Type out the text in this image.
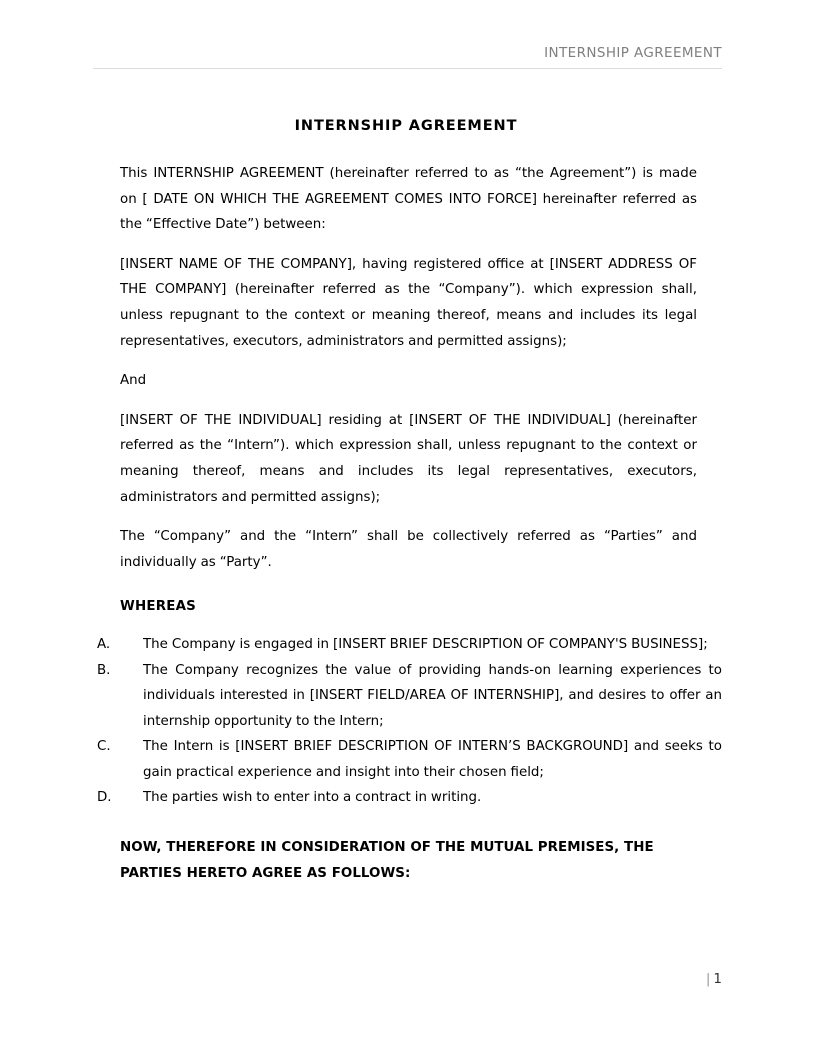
INTERNSHIP AGREEMENT
INTERNSHIP AGREEMENT

This INTERNSHIP AGREEMENT (hereinafter referred to as “the Agreement”) is made on [ DATE ON WHICH THE AGREEMENT COMES INTO FORCE] hereinafter referred as the “Effective Date”) between:

[INSERT NAME OF THE COMPANY], having registered office at [INSERT ADDRESS OF THE COMPANY] (hereinafter referred as the “Company”). which expression shall, unless repugnant to the context or meaning thereof, means and includes its legal representatives, executors, administrators and permitted assigns);

And

[INSERT OF THE INDIVIDUAL] residing at [INSERT OF THE INDIVIDUAL] (hereinafter referred as the “Intern”). which expression shall, unless repugnant to the context or meaning thereof, means and includes its legal representatives, executors, administrators and permitted assigns);

The “Company” and the “Intern” shall be collectively referred as “Parties” and individually as “Party”.

WHEREAS
A.	The Company is engaged in [INSERT BRIEF DESCRIPTION OF COMPANY'S BUSINESS];
B.	The Company recognizes the value of providing hands-on learning experiences to individuals interested in [INSERT FIELD/AREA OF INTERNSHIP], and desires to offer an internship opportunity to the Intern;
C.	The Intern is [INSERT BRIEF DESCRIPTION OF INTERN’S BACKGROUND] and seeks to gain practical experience and insight into their chosen field;
D.	The parties wish to enter into a contract in writing.

NOW, THEREFORE IN CONSIDERATION OF THE MUTUAL PREMISES, THE PARTIES HERETO AGREE AS FOLLOWS:

| 1
